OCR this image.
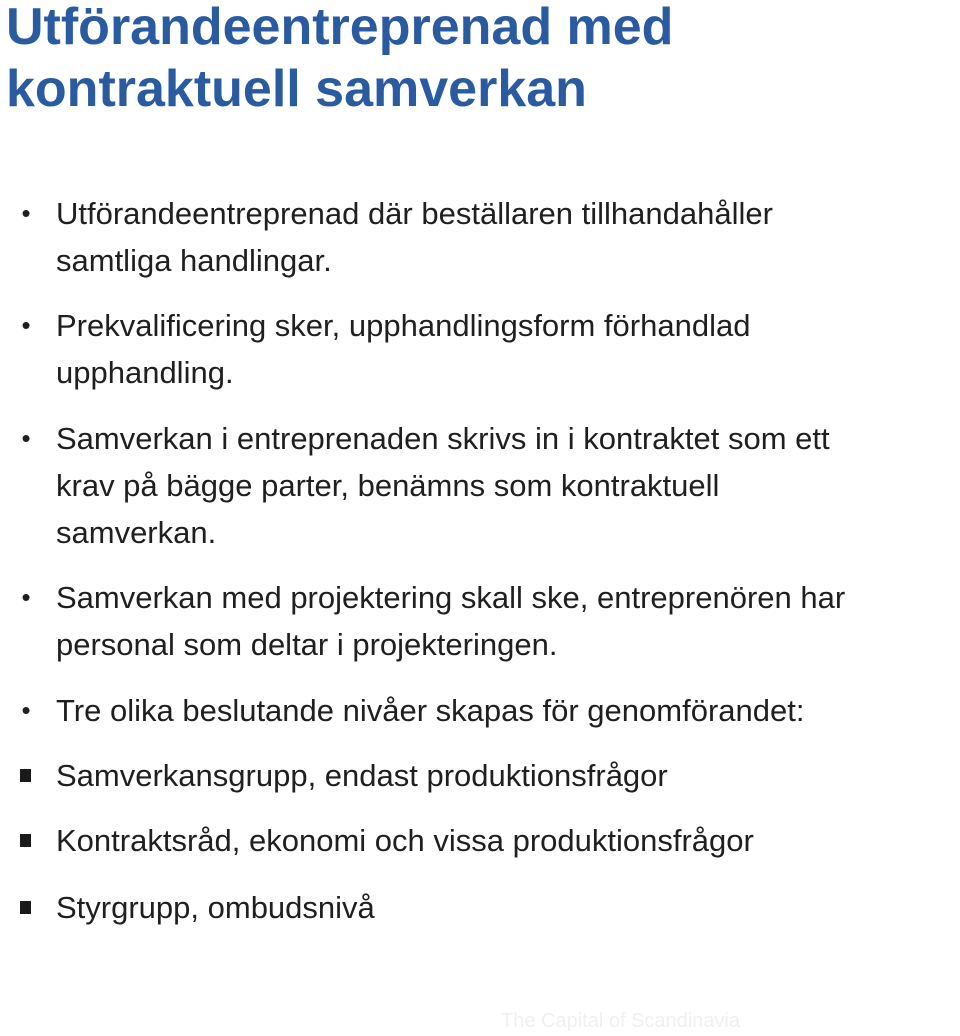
Utförandeentreprenad med
kontraktuell samverkan
• Utförandeentreprenad där beställaren tillhandahåller
samtliga handlingar.
• Prekvalificering sker, upphandlingsform förhandlad
upphandling.
• Samverkan i entreprenaden skrivs in i kontraktet som ett
krav på bägge parter, benämns som kontraktuell
samverkan.
• Samverkan med projektering skall ske, entreprenören har
personal som deltar i projekteringen.
• Tre olika beslutande nivåer skapas för genomförandet:
Samverkansgrupp, endast produktionsfrågor
Kontraktsråd, ekonomi och vissa produktionsfrågor
Styrgrupp, ombudsnivå
The Capital of Scandinavia
